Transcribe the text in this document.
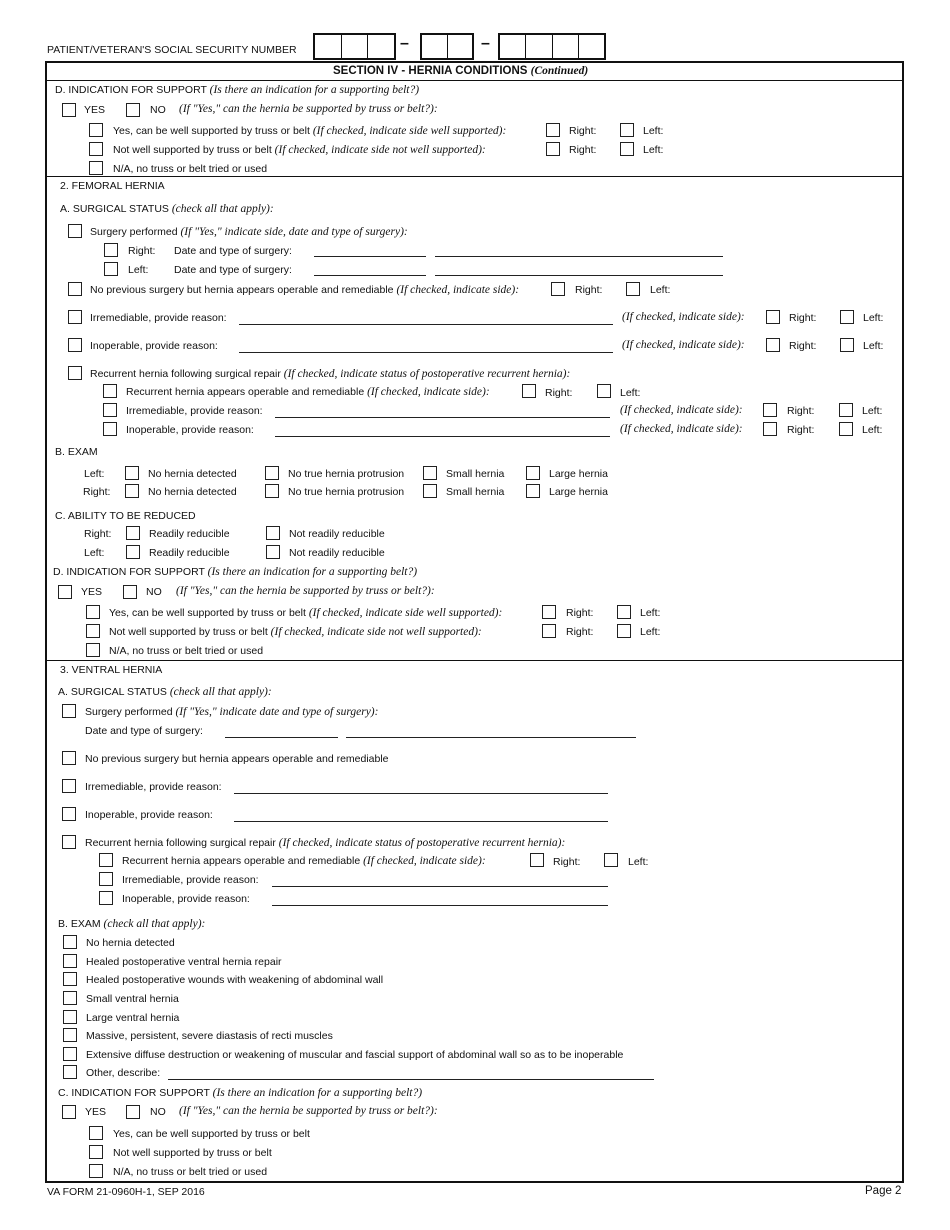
PATIENT/VETERAN'S SOCIAL SECURITY NUMBER	–	–
SECTION IV - HERNIA CONDITIONS (Continued)
D. INDICATION FOR SUPPORT (Is there an indication for a supporting belt?)
YES	NO (If "Yes," can the hernia be supported by truss or belt?):
Yes, can be well supported by truss or belt (If checked, indicate side well supported):	Right:	Left:
Not well supported by truss or belt (If checked, indicate side not well supported):	Right:	Left:
N/A, no truss or belt tried or used
2. FEMORAL HERNIA
A. SURGICAL STATUS (check all that apply):
Surgery performed (If "Yes," indicate side, date and type of surgery):
Right: Date and type of surgery:
Left: Date and type of surgery:
No previous surgery but hernia appears operable and remediable (If checked, indicate side):	Right:	Left:
Irremediable, provide reason:	(If checked, indicate side):	Right:	Left:
Inoperable, provide reason:	(If checked, indicate side):	Right:	Left:
Recurrent hernia following surgical repair (If checked, indicate status of postoperative recurrent hernia):
Recurrent hernia appears operable and remediable (If checked, indicate side):	Right:	Left:
Irremediable, provide reason:	(If checked, indicate side):	Right:	Left:
Inoperable, provide reason:	(If checked, indicate side):	Right:	Left:
B. EXAM
Left:	No hernia detected	No true hernia protrusion	Small hernia	Large hernia
Right:	No hernia detected	No true hernia protrusion	Small hernia	Large hernia
C. ABILITY TO BE REDUCED
Right:	Readily reducible	Not readily reducible
Left:	Readily reducible	Not readily reducible
D. INDICATION FOR SUPPORT (Is there an indication for a supporting belt?)
YES	NO (If "Yes," can the hernia be supported by truss or belt?):
Yes, can be well supported by truss or belt (If checked, indicate side well supported):	Right:	Left:
Not well supported by truss or belt (If checked, indicate side not well supported):	Right:	Left:
N/A, no truss or belt tried or used
3. VENTRAL HERNIA
A. SURGICAL STATUS (check all that apply):
Surgery performed (If "Yes," indicate date and type of surgery):
Date and type of surgery:
No previous surgery but hernia appears operable and remediable
Irremediable, provide reason:
Inoperable, provide reason:
Recurrent hernia following surgical repair (If checked, indicate status of postoperative recurrent hernia):
Recurrent hernia appears operable and remediable (If checked, indicate side):	Right:	Left:
Irremediable, provide reason:
Inoperable, provide reason:
B. EXAM (check all that apply):
No hernia detected
Healed postoperative ventral hernia repair
Healed postoperative wounds with weakening of abdominal wall
Small ventral hernia
Large ventral hernia
Massive, persistent, severe diastasis of recti muscles
Extensive diffuse destruction or weakening of muscular and fascial support of abdominal wall so as to be inoperable
Other, describe:
C. INDICATION FOR SUPPORT (Is there an indication for a supporting belt?)
YES	NO (If "Yes," can the hernia be supported by truss or belt?):
Yes, can be well supported by truss or belt
Not well supported by truss or belt
N/A, no truss or belt tried or used
VA FORM 21-0960H-1, SEP 2016	Page 2
